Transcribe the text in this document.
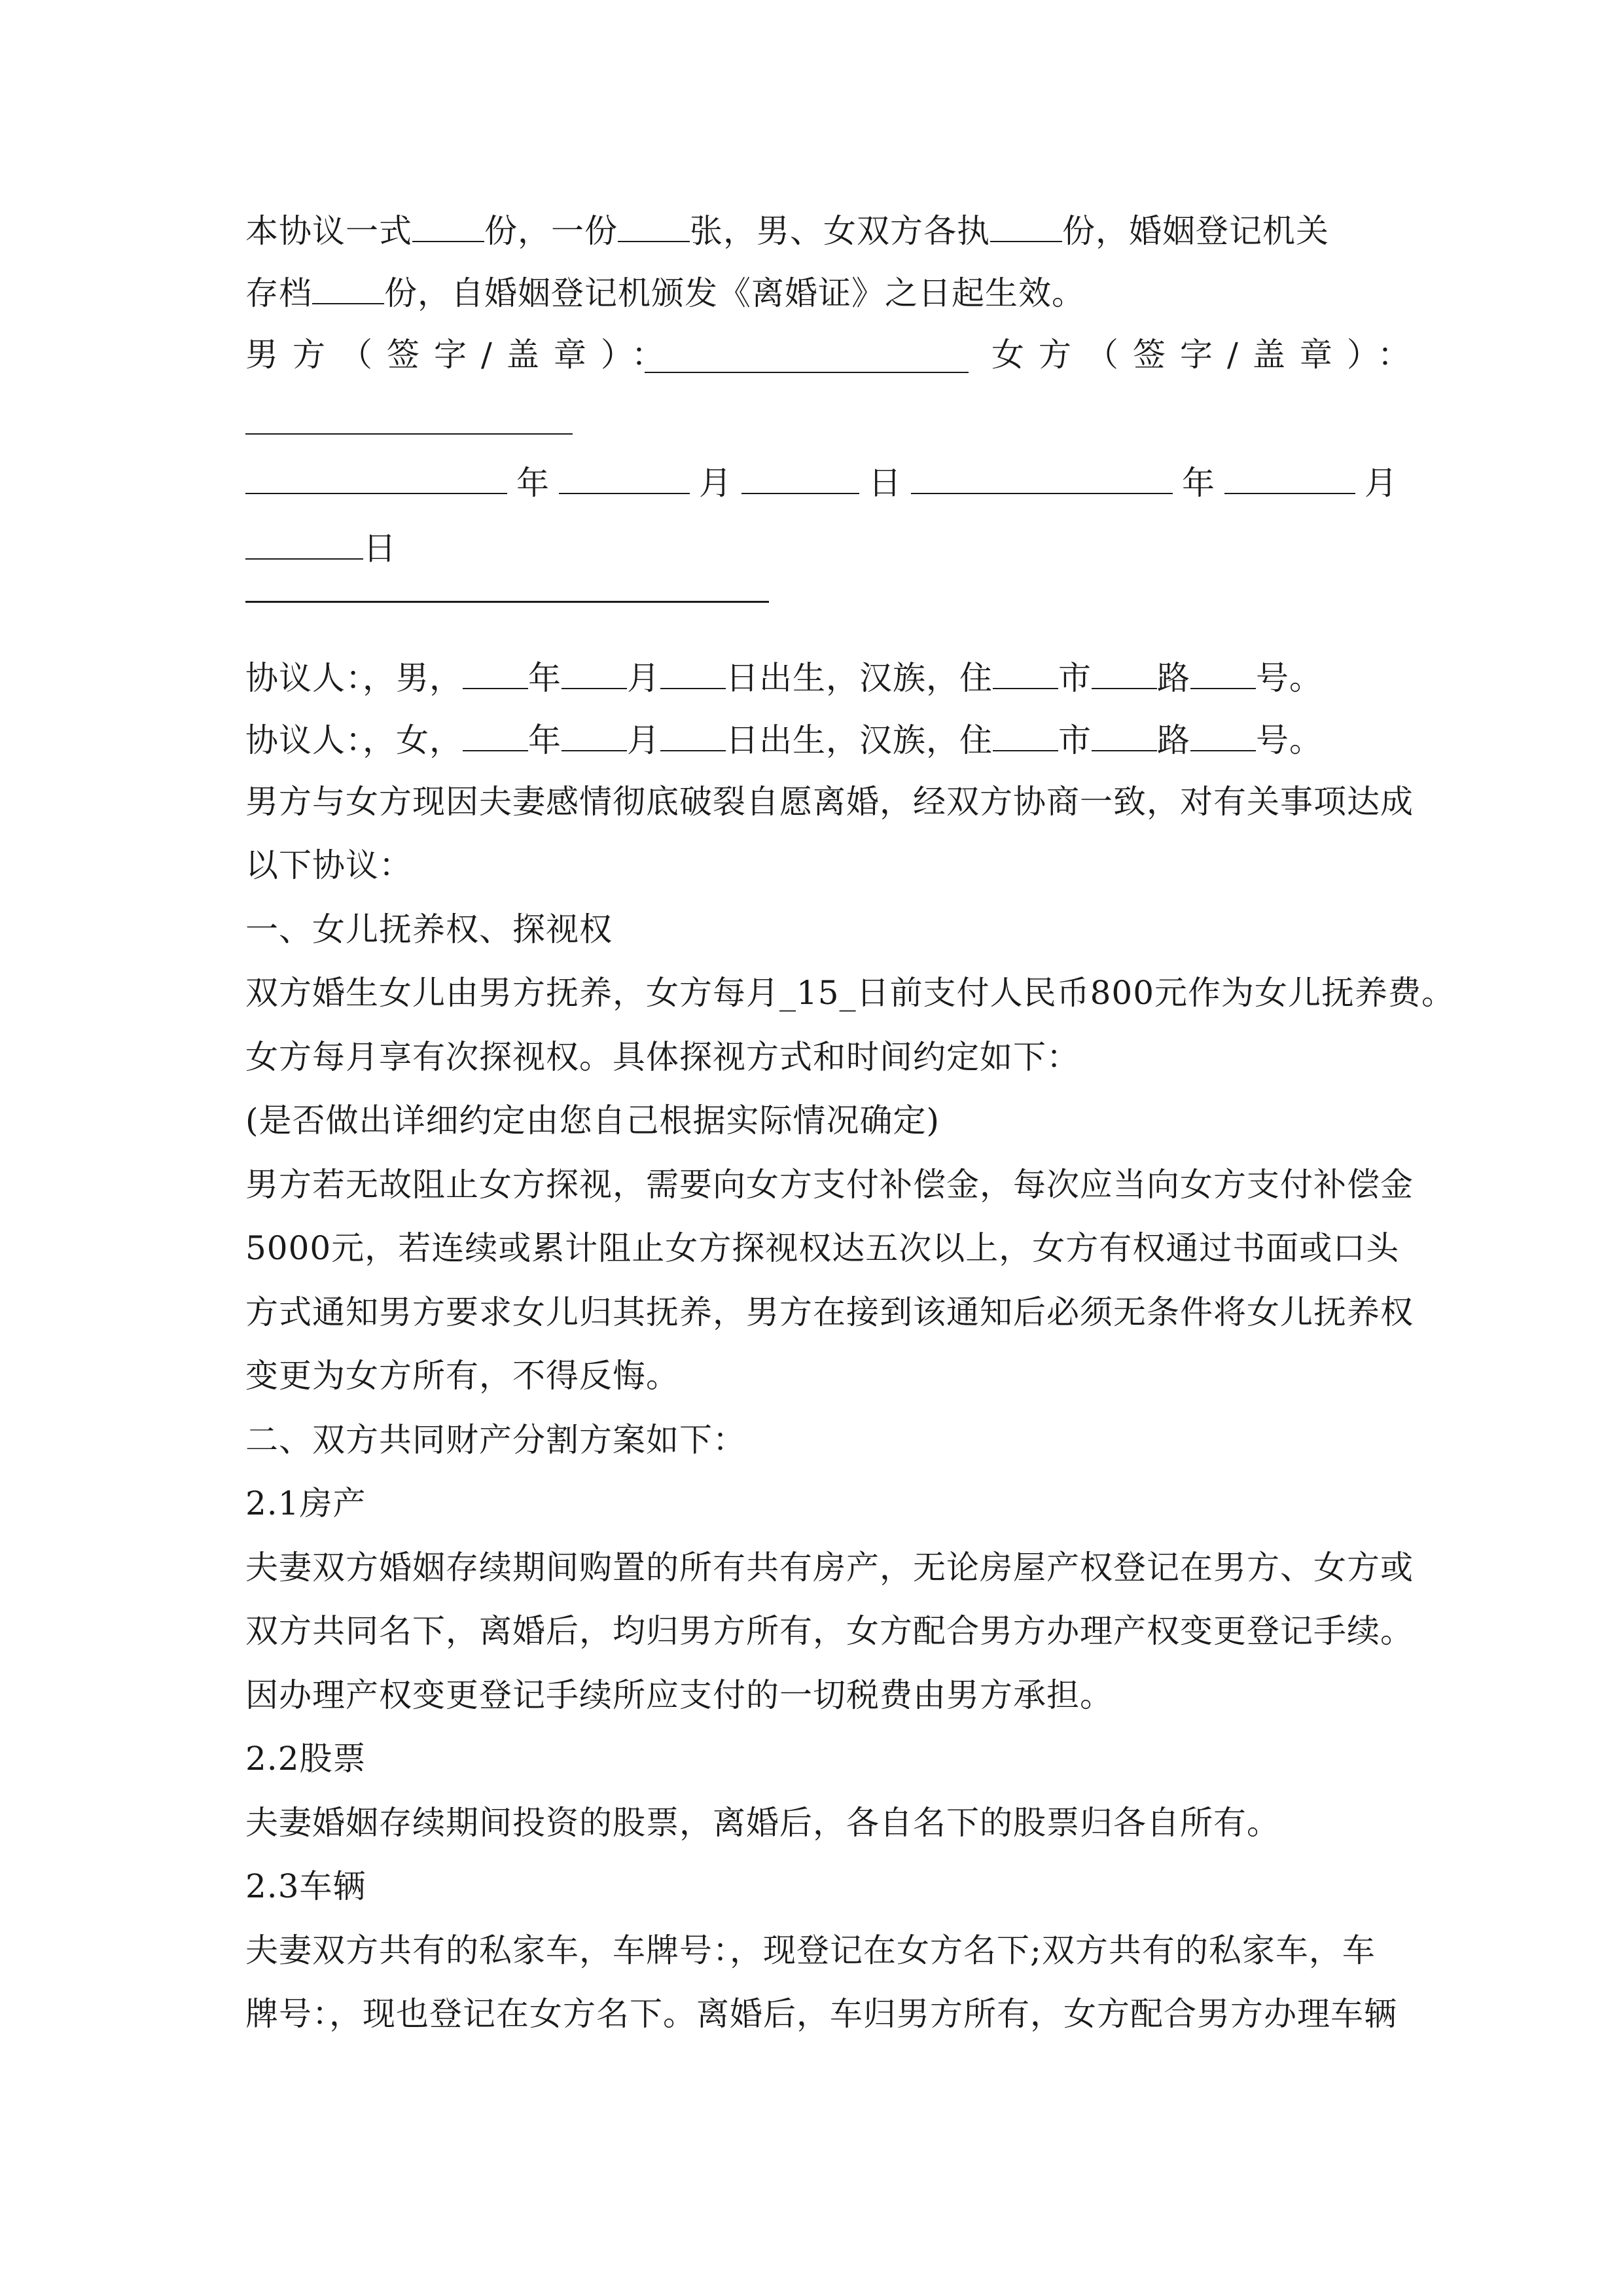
本协议一式 份，一份 张，男、女双方各执 份，婚姻登记机关
存档 份，自婚姻登记机颁发《离婚证》之日起生效。
男方（签字/盖章）：	女方（签字/盖章）：
年	月	日	年	月
日
协议人：，男， 年 月 日出生，汉族，住 市 路 号。
协议人：，女， 年 月 日出生，汉族，住 市 路 号。
男方与女方现因夫妻感情彻底破裂自愿离婚，经双方协商一致，对有关事项达成
以下协议：
一、女儿抚养权、探视权
双方婚生女儿由男方抚养，女方每月_15_日前支付人民币800元作为女儿抚养费。
女方每月享有次探视权。具体探视方式和时间约定如下：
(是否做出详细约定由您自己根据实际情况确定)
男方若无故阻止女方探视，需要向女方支付补偿金，每次应当向女方支付补偿金
5000元，若连续或累计阻止女方探视权达五次以上，女方有权通过书面或口头
方式通知男方要求女儿归其抚养，男方在接到该通知后必须无条件将女儿抚养权
变更为女方所有，不得反悔。
二、双方共同财产分割方案如下：
2.1房产
夫妻双方婚姻存续期间购置的所有共有房产，无论房屋产权登记在男方、女方或
双方共同名下，离婚后，均归男方所有，女方配合男方办理产权变更登记手续。
因办理产权变更登记手续所应支付的一切税费由男方承担。
2.2股票
夫妻婚姻存续期间投资的股票，离婚后，各自名下的股票归各自所有。
2.3车辆
夫妻双方共有的私家车，车牌号：，现登记在女方名下;双方共有的私家车，车
牌号：，现也登记在女方名下。离婚后，车归男方所有，女方配合男方办理车辆
